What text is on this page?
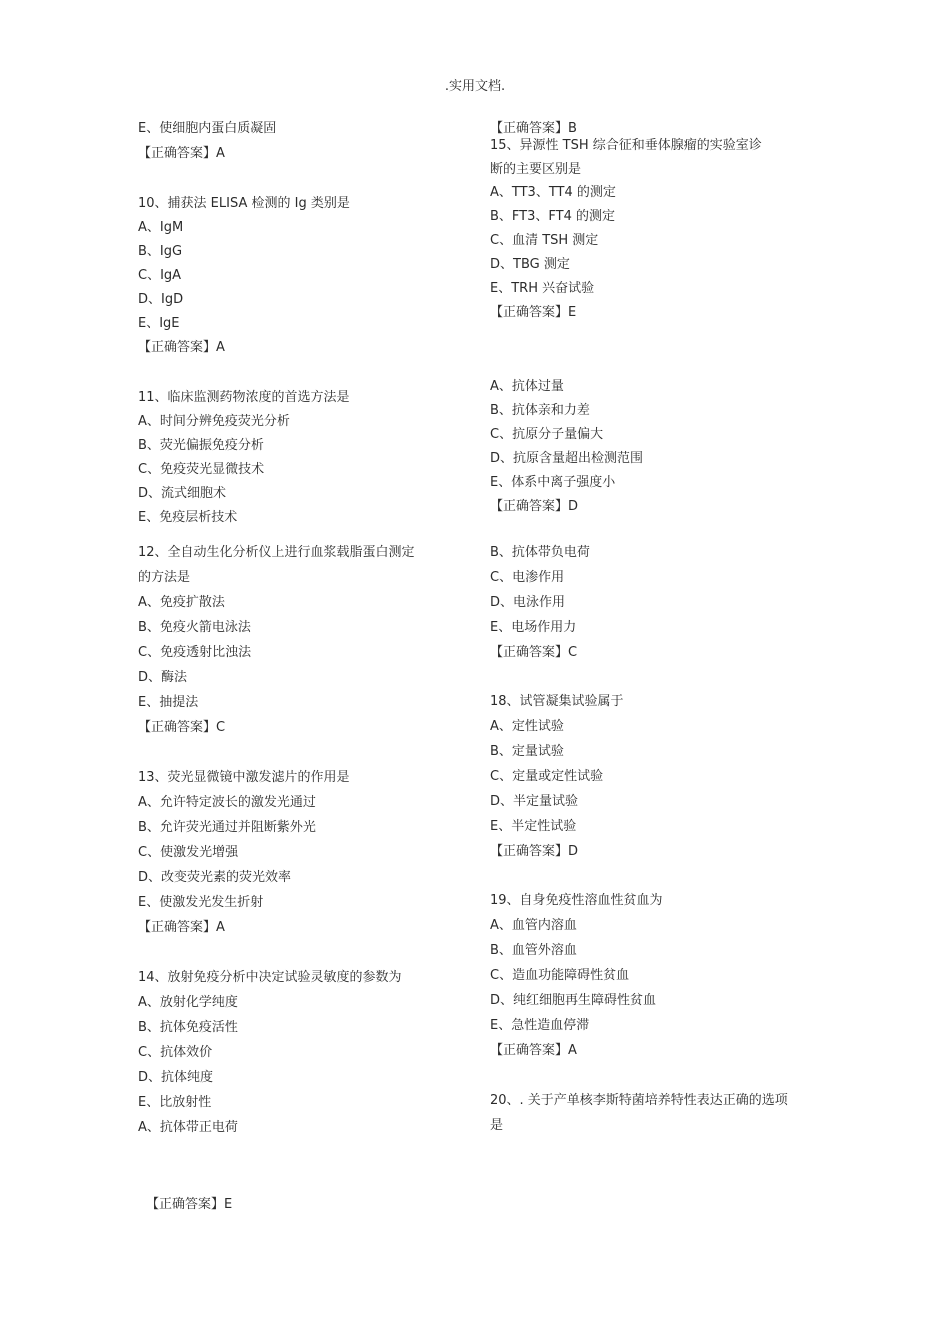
.实用文档.
E、使细胞内蛋白质凝固
【正确答案】A
10、捕获法 ELISA 检测的 Ig 类别是
A、IgM
B、IgG
C、IgA
D、IgD
E、IgE
【正确答案】A
11、临床监测药物浓度的首选方法是
A、时间分辨免疫荧光分析
B、荧光偏振免疫分析
C、免疫荧光显微技术
D、流式细胞术
E、免疫层析技术
12、全自动生化分析仪上进行血浆载脂蛋白测定
的方法是
A、免疫扩散法
B、免疫火箭电泳法
C、免疫透射比浊法
D、酶法
E、抽提法
【正确答案】C
13、荧光显微镜中激发滤片的作用是
A、允许特定波长的激发光通过
B、允许荧光通过并阻断紫外光
C、使激发光增强
D、改变荧光素的荧光效率
E、使激发光发生折射
【正确答案】A
14、放射免疫分析中决定试验灵敏度的参数为
A、放射化学纯度
B、抗体免疫活性
C、抗体效价
D、抗体纯度
E、比放射性
A、抗体带正电荷
【正确答案】B
15、异源性 TSH 综合征和垂体腺瘤的实验室诊
断的主要区别是
A、TT3、TT4 的测定
B、FT3、FT4 的测定
C、血清 TSH 测定
D、TBG 测定
E、TRH 兴奋试验
【正确答案】E
A、抗体过量
B、抗体亲和力差
C、抗原分子量偏大
D、抗原含量超出检测范围
E、体系中离子强度小
【正确答案】D
B、抗体带负电荷
C、电渗作用
D、电泳作用
E、电场作用力
【正确答案】C
18、试管凝集试验属于
A、定性试验
B、定量试验
C、定量或定性试验
D、半定量试验
E、半定性试验
【正确答案】D
19、自身免疫性溶血性贫血为
A、血管内溶血
B、血管外溶血
C、造血功能障碍性贫血
D、纯红细胞再生障碍性贫血
E、急性造血停滞
【正确答案】A
20、. 关于产单核李斯特菌培养特性表达正确的选项
是
【正确答案】E
